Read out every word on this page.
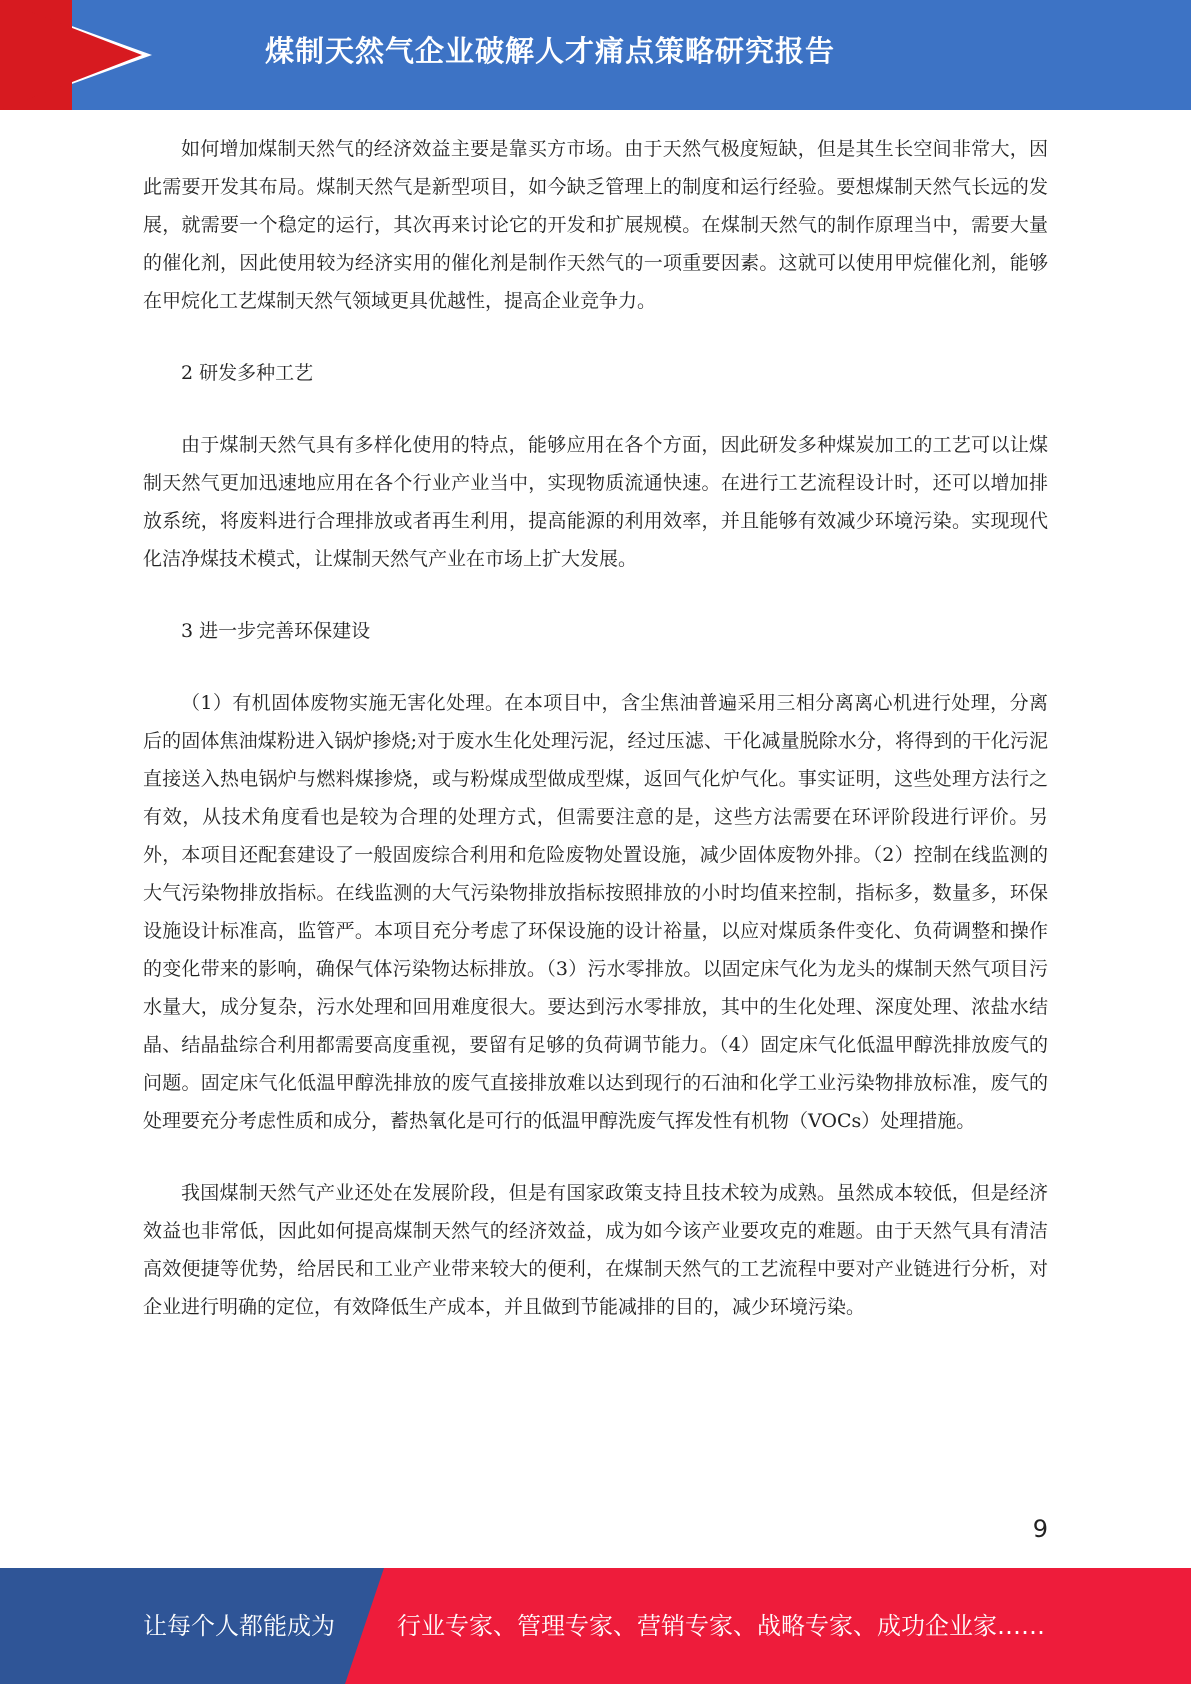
煤制天然气企业破解人才痛点策略研究报告

如何增加煤制天然气的经济效益主要是靠买方市场。由于天然气极度短缺，但是其生长空间非常大，因此需要开发其布局。煤制天然气是新型项目，如今缺乏管理上的制度和运行经验。要想煤制天然气长远的发展，就需要一个稳定的运行，其次再来讨论它的开发和扩展规模。在煤制天然气的制作原理当中，需要大量的催化剂，因此使用较为经济实用的催化剂是制作天然气的一项重要因素。这就可以使用甲烷催化剂，能够在甲烷化工艺煤制天然气领域更具优越性，提高企业竞争力。

2 研发多种工艺

由于煤制天然气具有多样化使用的特点，能够应用在各个方面，因此研发多种煤炭加工的工艺可以让煤制天然气更加迅速地应用在各个行业产业当中，实现物质流通快速。在进行工艺流程设计时，还可以增加排放系统，将废料进行合理排放或者再生利用，提高能源的利用效率，并且能够有效减少环境污染。实现现代化洁净煤技术模式，让煤制天然气产业在市场上扩大发展。

3 进一步完善环保建设

（1）有机固体废物实施无害化处理。在本项目中，含尘焦油普遍采用三相分离离心机进行处理，分离后的固体焦油煤粉进入锅炉掺烧;对于废水生化处理污泥，经过压滤、干化减量脱除水分，将得到的干化污泥直接送入热电锅炉与燃料煤掺烧，或与粉煤成型做成型煤，返回气化炉气化。事实证明，这些处理方法行之有效，从技术角度看也是较为合理的处理方式，但需要注意的是，这些方法需要在环评阶段进行评价。另外，本项目还配套建设了一般固废综合利用和危险废物处置设施，减少固体废物外排。（2）控制在线监测的大气污染物排放指标。在线监测的大气污染物排放指标按照排放的小时均值来控制，指标多，数量多，环保设施设计标准高，监管严。本项目充分考虑了环保设施的设计裕量，以应对煤质条件变化、负荷调整和操作的变化带来的影响，确保气体污染物达标排放。（3）污水零排放。以固定床气化为龙头的煤制天然气项目污水量大，成分复杂，污水处理和回用难度很大。要达到污水零排放，其中的生化处理、深度处理、浓盐水结晶、结晶盐综合利用都需要高度重视，要留有足够的负荷调节能力。（4）固定床气化低温甲醇洗排放废气的问题。固定床气化低温甲醇洗排放的废气直接排放难以达到现行的石油和化学工业污染物排放标准，废气的处理要充分考虑性质和成分，蓄热氧化是可行的低温甲醇洗废气挥发性有机物（VOCs）处理措施。

我国煤制天然气产业还处在发展阶段，但是有国家政策支持且技术较为成熟。虽然成本较低，但是经济效益也非常低，因此如何提高煤制天然气的经济效益，成为如今该产业要攻克的难题。由于天然气具有清洁高效便捷等优势，给居民和工业产业带来较大的便利，在煤制天然气的工艺流程中要对产业链进行分析，对企业进行明确的定位，有效降低生产成本，并且做到节能减排的目的，减少环境污染。

9
让每个人都能成为	行业专家、管理专家、营销专家、战略专家、成功企业家……
